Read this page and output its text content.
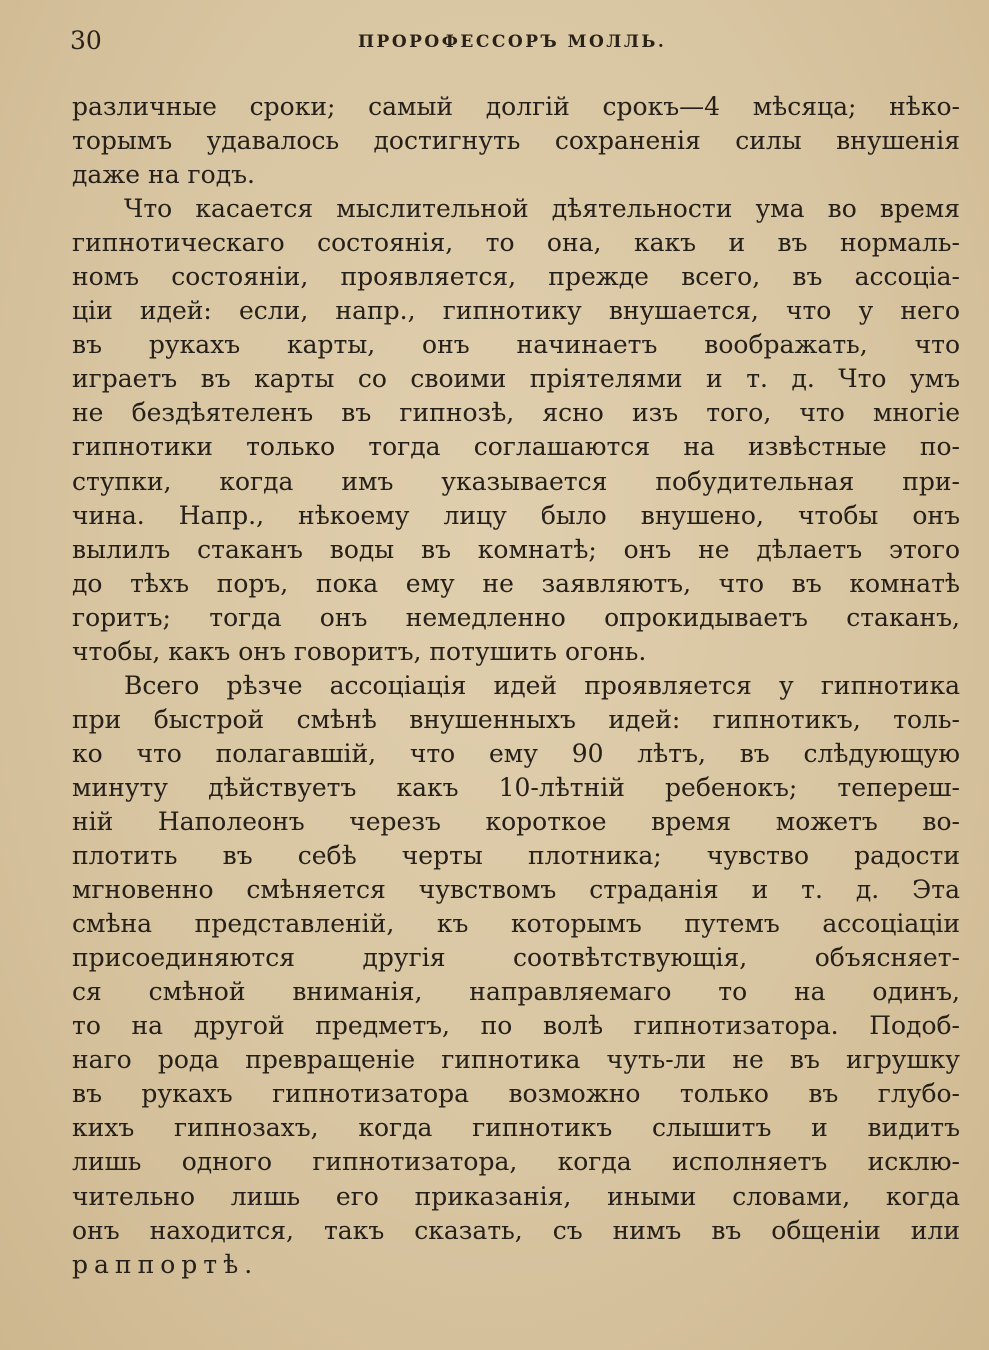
30	ПРОРОФЕССОРЪ МОЛЛЬ.
различные сроки; самый долгій срокъ—4 мѣсяца; нѣко-
торымъ удавалось достигнуть сохраненія силы внушенія
даже на годъ.
Что касается мыслительной дѣятельности ума во время
гипнотическаго состоянія, то она, какъ и въ нормаль-
номъ состояніи, проявляется, прежде всего, въ ассоціа-
ціи идей: если, напр., гипнотику внушается, что у него
въ рукахъ карты, онъ начинаетъ воображать, что
играетъ въ карты со своими пріятелями и т. д. Что умъ
не бездѣятеленъ въ гипнозѣ, ясно изъ того, что многіе
гипнотики только тогда соглашаются на извѣстные по-
ступки, когда имъ указывается побудительная при-
чина. Напр., нѣкоему лицу было внушено, чтобы онъ
вылилъ стаканъ воды въ комнатѣ; онъ не дѣлаетъ этого
до тѣхъ поръ, пока ему не заявляютъ, что въ комнатѣ
горитъ; тогда онъ немедленно опрокидываетъ стаканъ,
чтобы, какъ онъ говоритъ, потушить огонь.
Всего рѣзче ассоціація идей проявляется у гипнотика
при быстрой смѣнѣ внушенныхъ идей: гипнотикъ, толь-
ко что полагавшій, что ему 90 лѣтъ, въ слѣдующую
минуту дѣйствуетъ какъ 10-лѣтній ребенокъ; теперeш-
ній Наполеонъ черезъ короткое время можетъ во-
плотить въ себѣ черты плотника; чувство радости
мгновенно смѣняется чувствомъ страданія и т. д. Эта
смѣна представленій, къ которымъ путемъ ассоціаціи
присоединяются другія соотвѣтствующія, объясняет-
ся смѣной вниманія, направляемаго то на одинъ,
то на другой предметъ, по волѣ гипнотизатора. Подоб-
наго рода превращеніе гипнотика чуть-ли не въ игрушку
въ рукахъ гипнотизатора возможно только въ глубо-
кихъ гипнозахъ, когда гипнотикъ слышитъ и видитъ
лишь одного гипнотизатора, когда исполняетъ исклю-
чительно лишь его приказанія, иными словами, когда
онъ находится, такъ сказать, съ нимъ въ общеніи или
раппортѣ.
